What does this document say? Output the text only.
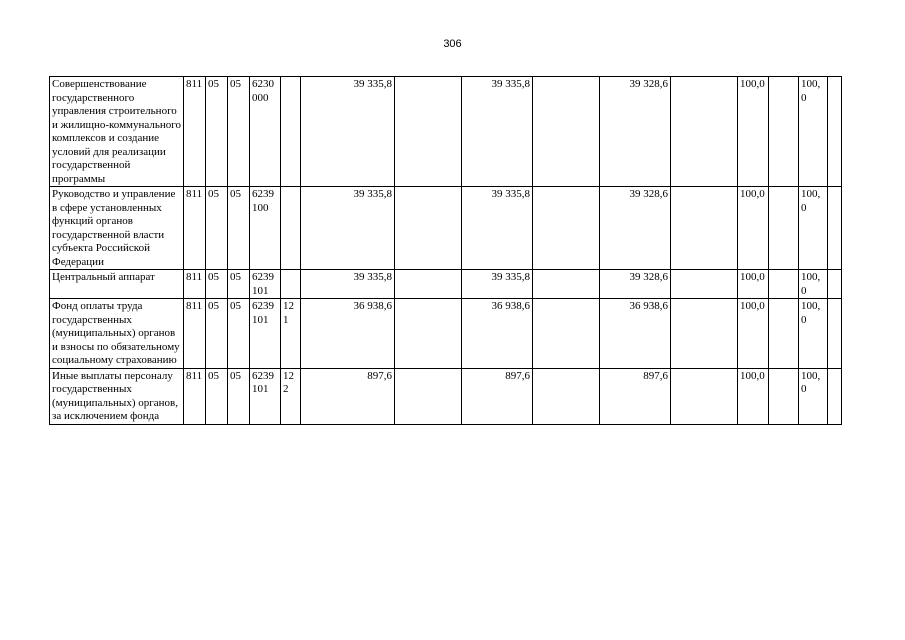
306
Совершенствование государственного управления строительного и жилищно-коммунального комплексов и создание условий для реализации государственной программы	811	05	05	6230 000		39 335,8		39 335,8		39 328,6		100,0		100,0	
Руководство и управление в сфере установленных функций органов государственной власти субъекта Российской Федерации	811	05	05	6239 100		39 335,8		39 335,8		39 328,6		100,0		100,0	
Центральный аппарат	811	05	05	6239 101		39 335,8		39 335,8		39 328,6		100,0		100,0	
Фонд оплаты труда государственных (муниципальных) органов и взносы по обязательному социальному страхованию	811	05	05	6239 101	121	36 938,6		36 938,6		36 938,6		100,0		100,0	
Иные выплаты персоналу государственных (муниципальных) органов, за исключением фонда	811	05	05	6239 101	122	897,6		897,6		897,6		100,0		100,0	
